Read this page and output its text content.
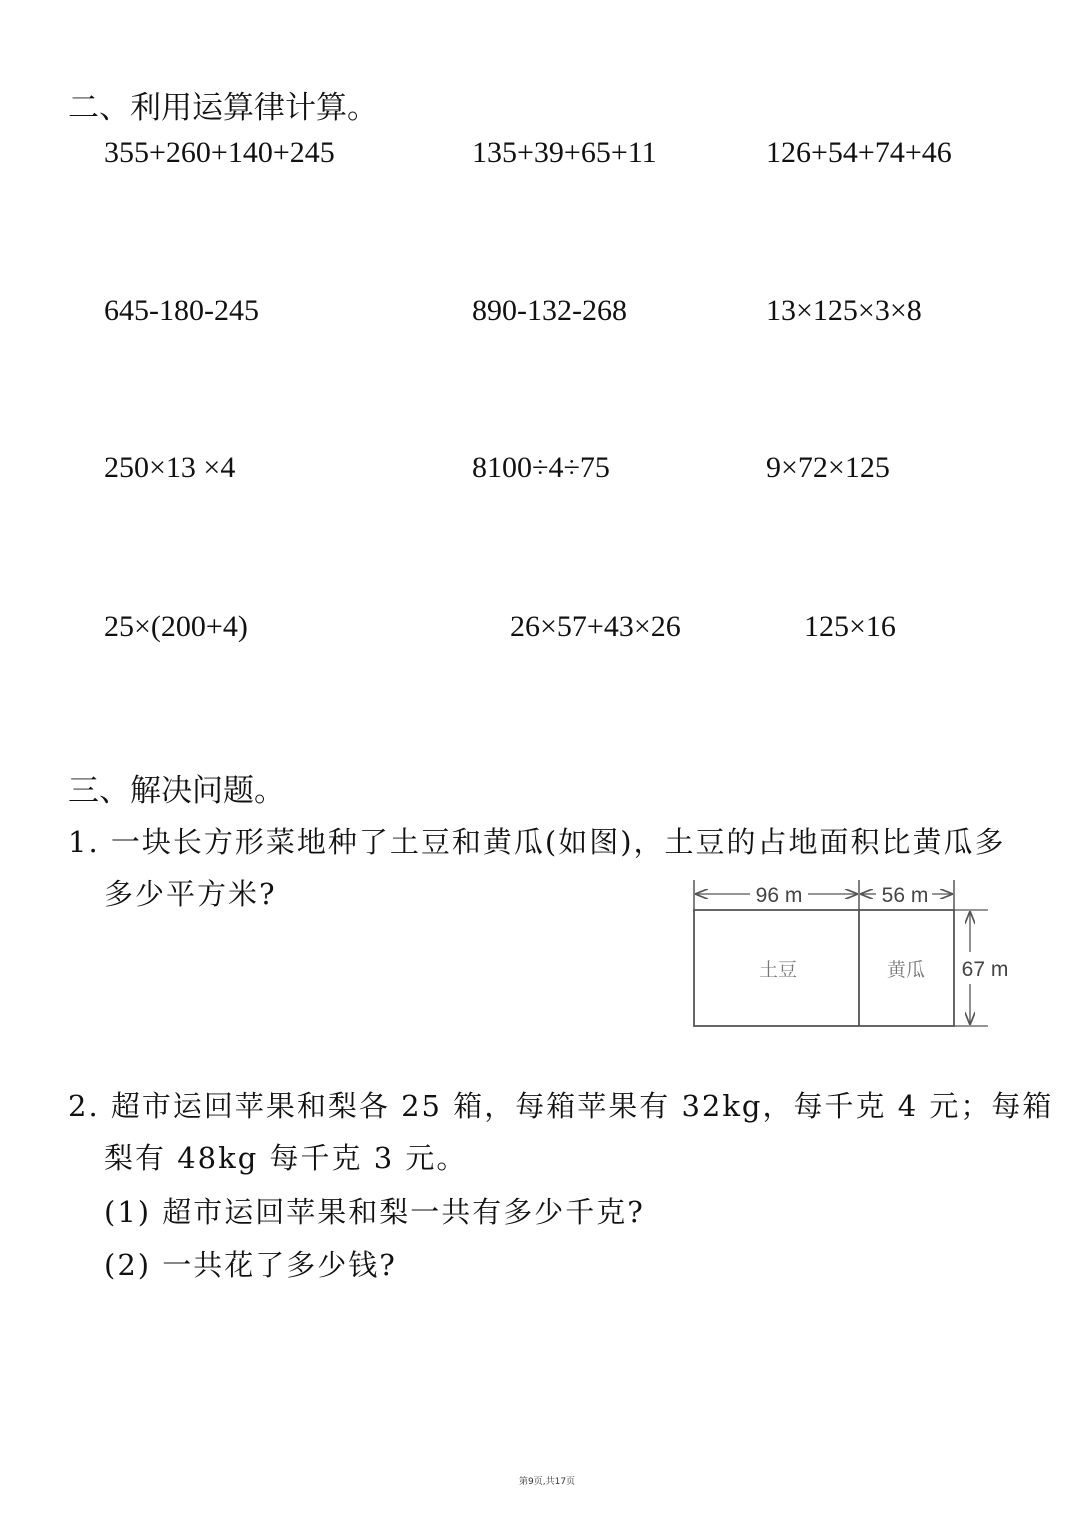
二、利用运算律计算。
355+260+140+245	135+39+65+11	126+54+74+46
645-180-245	890-132-268	13×125×3×8
250×13 ×4	8100÷4÷75	9×72×125
25×(200+4)	26×57+43×26	125×16
三、解决问题。
1. 一块长方形菜地种了土豆和黄瓜(如图)，土豆的占地面积比黄瓜多
多少平方米?	96 m	56 m
土豆	黄瓜 67 m
2. 超市运回苹果和梨各 25 箱，每箱苹果有 32kg，每千克 4 元；每箱
梨有 48kg 每千克 3 元。
(1) 超市运回苹果和梨一共有多少千克?
(2) 一共花了多少钱?
第9页,共17页
